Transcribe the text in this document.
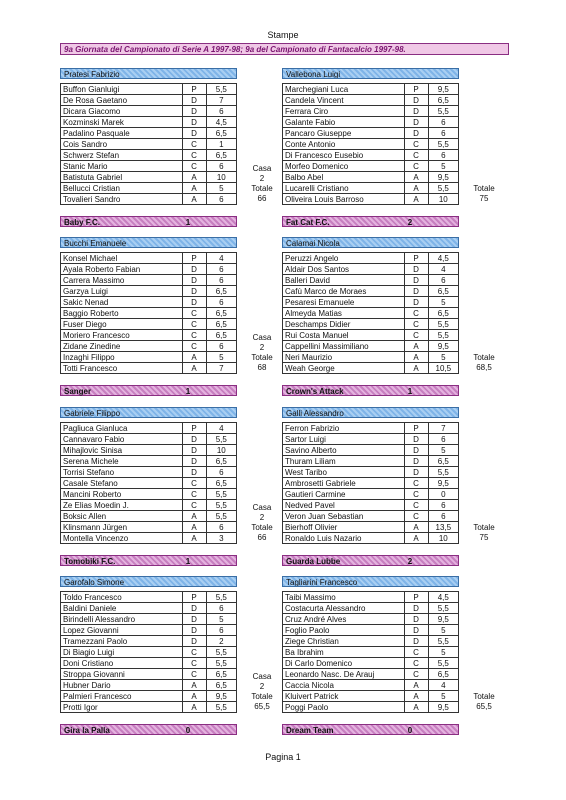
Stampe
9a Giornata del Campionato di Serie A 1997-98; 9a del Campionato di Fantacalcio 1997-98.
Pratesi Fabrizio
Buffon Gianluigi	P	5,5
De Rosa Gaetano	D	7
Dicara Giacomo	D	6
Kozminski Marek	D	4,5
Padalino Pasquale	D	6,5
Cois Sandro	C	1
Schwerz Stefan	C	6,5
Stanic Mario	C	6
Batistuta Gabriel	A	10
Bellucci Cristian	A	5
Tovalieri Sandro	A	6
Casa
2
Totale
66
Baby F.C.	1
Vallebona Luigi
Marchegiani Luca	P	9,5
Candela Vincent	D	6,5
Ferrara Ciro	D	5,5
Galante Fabio	D	6
Pancaro Giuseppe	D	6
Conte Antonio	C	5,5
Di Francesco Eusebio	C	6
Morfeo Domenico	C	5
Balbo Abel	A	9,5
Lucarelli Cristiano	A	5,5
Oliveira Louis Barroso	A	10
Totale
75
Fat Cat F.C.	2
Bucchi Emanuele
Konsel Michael	P	4
Ayala Roberto Fabian	D	6
Carrera Massimo	D	6
Garzya Luigi	D	6,5
Sakic Nenad	D	6
Baggio Roberto	C	6,5
Fuser Diego	C	6,5
Moriero Francesco	C	6,5
Zidane Zinedine	C	6
Inzaghi Filippo	A	5
Totti Francesco	A	7
Casa
2
Totale
68
Sanger	1
Calamai Nicola
Peruzzi Angelo	P	4,5
Aldair Dos Santos	D	4
Balleri David	D	6
Cafù Marco de Moraes	D	6,5
Pesaresi Emanuele	D	5
Almeyda Matias	C	6,5
Deschamps Didier	C	5,5
Rui Costa Manuel	C	5,5
Cappellini Massimiliano	A	9,5
Neri Maurizio	A	5
Weah George	A	10,5
Totale
68,5
Crown's Attack	1
Gabriele Filippo
Pagliuca Gianluca	P	4
Cannavaro Fabio	D	5,5
Mihajlovic Sinisa	D	10
Serena Michele	D	6,5
Torrisi Stefano	D	6
Casale Stefano	C	6,5
Mancini Roberto	C	5,5
Ze Elias Moedin J.	C	5,5
Boksic Allen	A	5,5
Klinsmann Jürgen	A	6
Montella Vincenzo	A	3
Casa
2
Totale
66
Tomobiki F.C.	1
Galli Alessandro
Ferron Fabrizio	P	7
Sartor Luigi	D	6
Savino Alberto	D	5
Thuram Liliam	D	6,5
West Taribo	D	5,5
Ambrosetti Gabriele	C	9,5
Gautieri Carmine	C	0
Nedved Pavel	C	6
Veron Juan Sebastian	C	6
Bierhoff Olivier	A	13,5
Ronaldo Luis Nazario	A	10
Totale
75
Guarda Lubbe	2
Garofalo Simone
Toldo Francesco	P	5,5
Baldini Daniele	D	6
Birindelli Alessandro	D	5
Lopez Giovanni	D	6
Tramezzani Paolo	D	2
Di Biagio Luigi	C	5,5
Doni Cristiano	C	5,5
Stroppa Giovanni	C	6,5
Hubner Dario	A	6,5
Palmieri Francesco	A	9,5
Protti Igor	A	5,5
Casa
2
Totale
65,5
Gira la Palla	0
Tagliarini Francesco
Taibi Massimo	P	4,5
Costacurta Alessandro	D	5,5
Cruz André Alves	D	9,5
Foglio Paolo	D	5
Ziege Christian	D	5,5
Ba Ibrahim	C	5
Di Carlo Domenico	C	5,5
Leonardo Nasc. De Arauj	C	6,5
Caccia Nicola	A	4
Kluivert Patrick	A	5
Poggi Paolo	A	9,5
Totale
65,5
Dream Team	0
Pagina 1
